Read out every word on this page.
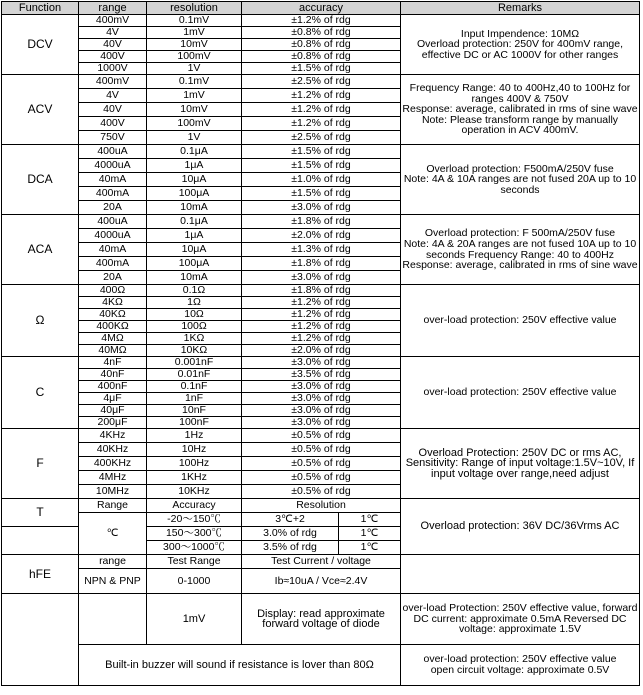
Function	range	resolution	accuracy		Remarks
DCV	400mV	0.1mV	±1.2% of rdg		Input Impendence: 10MΩ
Overload protection: 250V for 400mV range, effective DC or AC 1000V for other ranges

	4V	1mV	±0.8% of rdg		
	40V	10mV	±0.8% of rdg		
	400V	100mV	±0.8% of rdg		
	1000V	1V	±1.5% of rdg		
ACV	400mV	0.1mV	±2.5% of rdg		Frequency Range: 40 to 400Hz,40 to 100Hz for ranges 400V & 750V
Response: average, calibrated in rms of sine wave
Note: Please transform range by manually operation in ACV 400mV.

	4V	1mV	±1.2% of rdg		
	40V	10mV	±1.2% of rdg		
	400V	100mV	±1.2% of rdg		
	750V	1V	±2.5% of rdg		
DCA	400uA	0.1μA	±1.5% of rdg		Overload protection: F500mA/250V fuse
Note: 4A & 10A ranges are not fused 20A up to 10 seconds

	4000uA	1μA	±1.5% of rdg		
	40mA	10μA	±1.0% of rdg		
	400mA	100μA	±1.5% of rdg		
	20A	10mA	±3.0% of rdg		
ACA	400uA	0.1μA	±1.8% of rdg		Overload protection: F 500mA/250V fuse
Note: 4A & 20A ranges are not fused 10A up to 10 seconds Frequency Range: 40 to 400Hz
Response: average, calibrated in rms of sine wave

	4000uA	1μA	±2.0% of rdg		
	40mA	10μA	±1.3% of rdg		
	400mA	100μA	±1.8% of rdg		
	20A	10mA	±3.0% of rdg		
Ω	400Ω	0.1Ω	±1.8% of rdg		over-load protection: 250V effective value

	4KΩ	1Ω	±1.2% of rdg		
	40KΩ	10Ω	±1.2% of rdg		
	400KΩ	100Ω	±1.2% of rdg		
	4MΩ	1KΩ	±1.2% of rdg		
	40MΩ	10KΩ	±2.0% of rdg		
C	4nF	0.001nF	±3.0% of rdg		over-load protection: 250V effective value

	40nF	0.01nF	±3.5% of rdg		
	400nF	0.1nF	±3.0% of rdg		
	4μF	1nF	±3.0% of rdg		
	40μF	10nF	±3.0% of rdg		
	200μF	100nF	±3.0% of rdg		
F	4KHz	1Hz	±0.5% of rdg		Overload Protection: 250V DC or rms AC, Sensitivity: Range of input voltage:1.5V~10V, If input voltage over range,need adjust

	40KHz	10Hz	±0.5% of rdg		
	400KHz	100Hz	±0.5% of rdg		
	4MHz	1KHz	±0.5% of rdg		
	10MHz	10KHz	±0.5% of rdg		
T	Range	Accuracy	Resolution		Overload protection: 36V DC/36Vrms AC

	℃	-20～150℃	3℃+2	1℃	
		150～300℃	3.0% of rdg	1℃	
		300～1000℃	3.5% of rdg	1℃	
hFE	range	Test Range	Test Current / voltage		
	NPN & PNP	0-1000	Ib≈10uA / Vce≈2.4V		
		1mV	Display: read approximate forward voltage of diode		over-load Protection: 250V effective value, forward DC current: approximate 0.5mA Reversed DC voltage: approximate 1.5V

	Built-in buzzer will sound if resistance is lover than 80Ω				over-load protection: 250V effective value
open circuit voltage: approximate 0.5V
